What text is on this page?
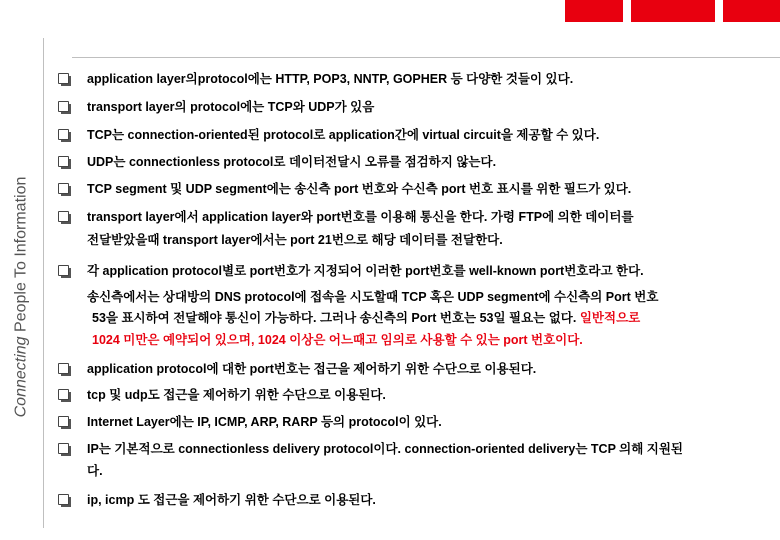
Connecting People To Information
application layer의protocol에는 HTTP, POP3, NNTP, GOPHER 등 다양한 것들이 있다.
transport layer의 protocol에는 TCP와 UDP가 있음
TCP는 connection-oriented된 protocol로 application간에 virtual circuit을 제공할 수 있다.
UDP는 connectionless protocol로 데이터전달시 오류를 점검하지 않는다.
TCP segment 및 UDP segment에는 송신측 port 번호와 수신측 port 번호 표시를 위한 필드가 있다.
transport layer에서 application layer와 port번호를 이용해 통신을 한다. 가령 FTP에 의한 데이터를
전달받았을때 transport layer에서는 port 21번으로 해당 데이터를 전달한다.
각 application protocol별로 port번호가 지정되어 이러한 port번호를 well-known port번호라고 한다.
송신측에서는 상대방의 DNS protocol에 접속을 시도할때 TCP 혹은 UDP segment에 수신측의 Port 번호
53을 표시하여 전달해야 통신이 가능하다. 그러나 송신측의 Port 번호는 53일 필요는 없다. 일반적으로
1024 미만은 예약되어 있으며, 1024 이상은 어느때고 임의로 사용할 수 있는 port 번호이다.
application protocol에 대한 port번호는 접근을 제어하기 위한 수단으로 이용된다.
tcp 및 udp도 접근을 제어하기 위한 수단으로 이용된다.
Internet Layer에는 IP, ICMP, ARP, RARP 등의 protocol이 있다.
IP는 기본적으로 connectionless delivery protocol이다. connection-oriented delivery는 TCP 의해 지원된
다.
ip, icmp 도 접근을 제어하기 위한 수단으로 이용된다.
